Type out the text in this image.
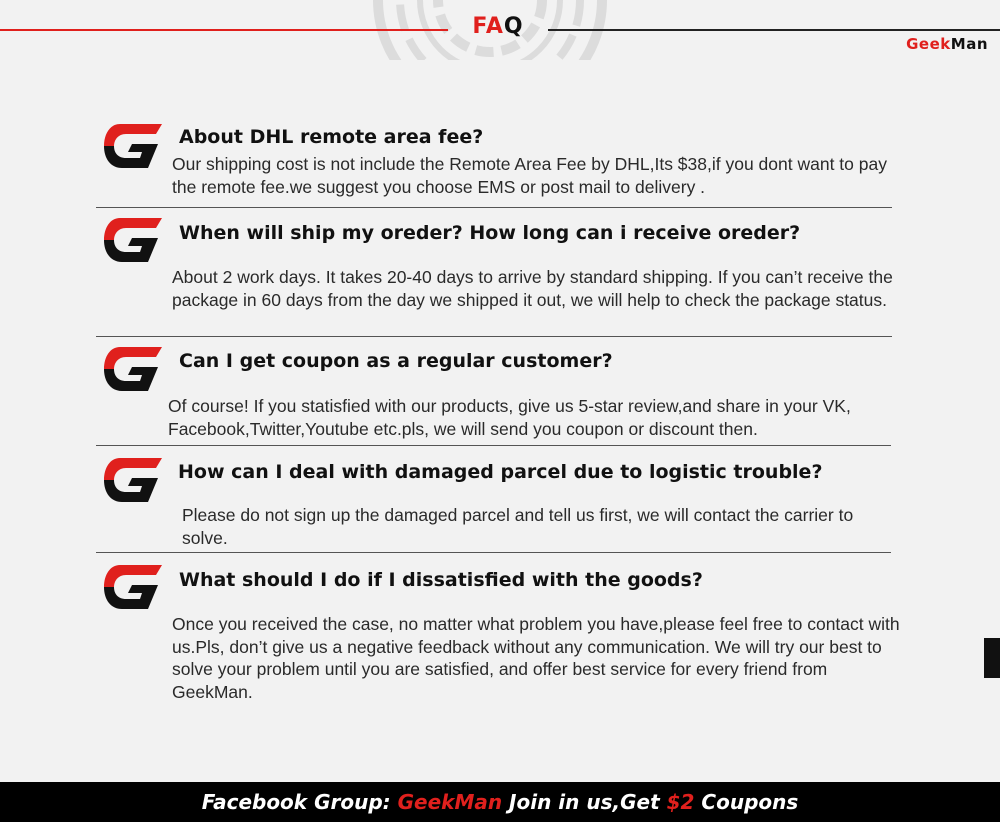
FAQ
GeekMan
About DHL remote area fee?
Our shipping cost is not include the Remote Area Fee by DHL,Its $38,if you dont want to pay the remote fee.we suggest you choose EMS or post mail to delivery .
When will ship my oreder? How long can i receive oreder?
About 2 work days. It takes 20-40 days to arrive by standard shipping. If you can’t receive the package in 60 days from the day we shipped it out, we will help to check the package status.
Can I get coupon as a regular customer?
Of course! If you statisfied with our products, give us 5-star review,and share in your VK, Facebook,Twitter,Youtube etc.pls, we will send you coupon or discount then.
How can I deal with damaged parcel due to logistic trouble?
Please do not sign up the damaged parcel and tell us first, we will contact the carrier to solve.
What should I do if I dissatisfied with the goods?
Once you received the case, no matter what problem you have,please feel free to contact with us.Pls, don’t give us a negative feedback without any communication. We will try our best to solve your problem until you are satisfied, and offer best service for every friend from GeekMan.
Facebook Group: GeekMan Join in us,Get $2 Coupons
